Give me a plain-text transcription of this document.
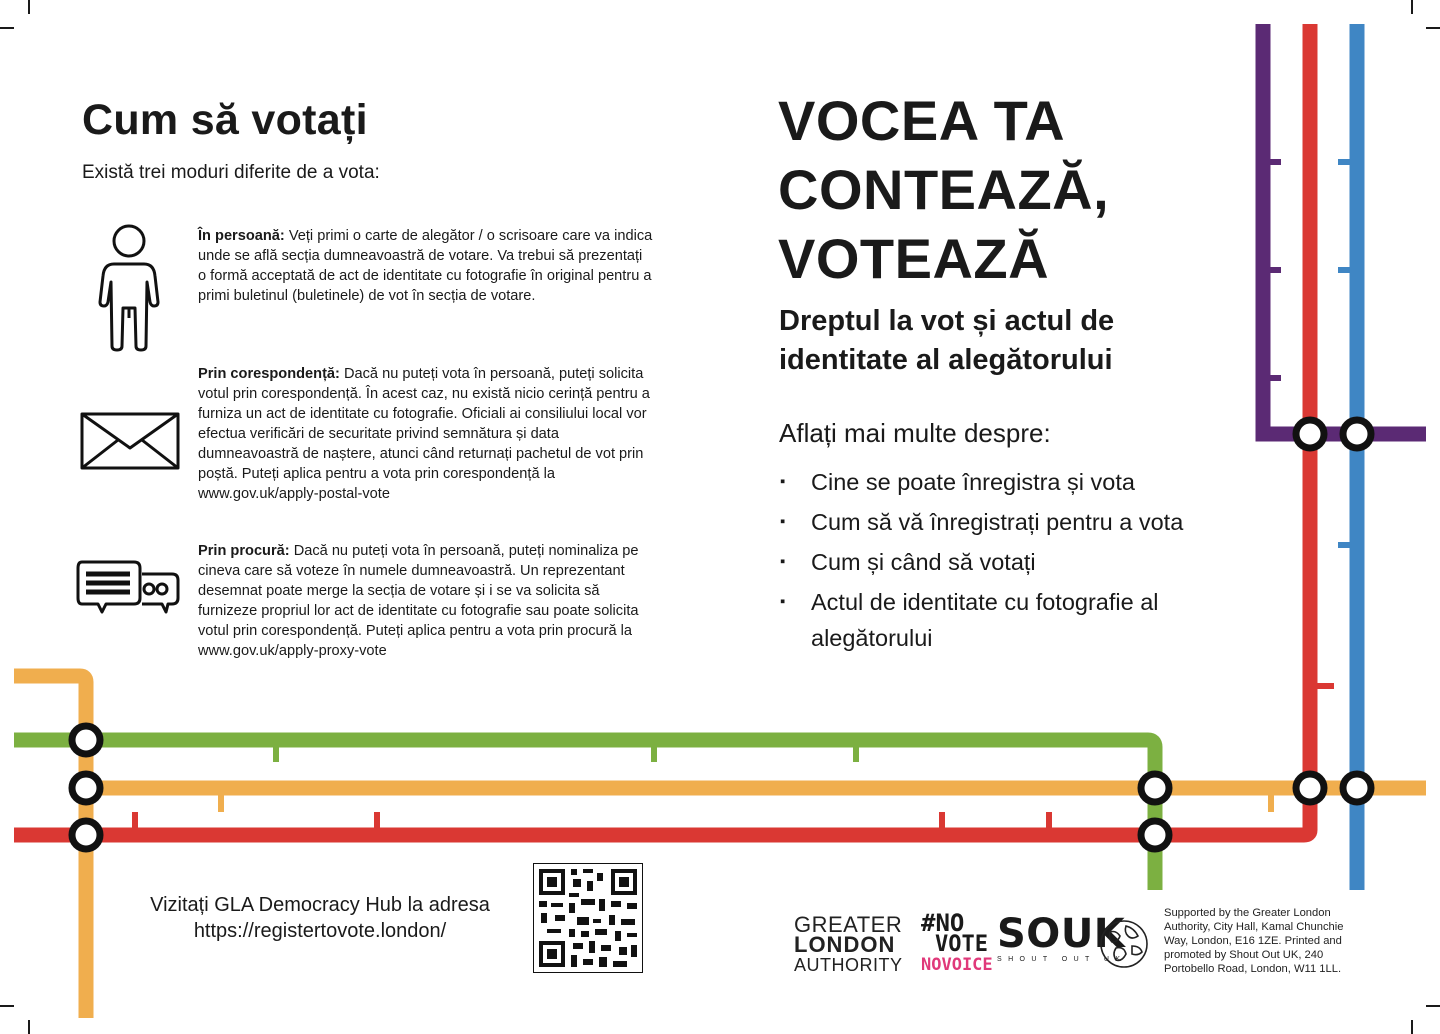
Cum să votați
Există trei moduri diferite de a vota:
În persoană: Veți primi o carte de alegător / o scrisoare care va indica unde se află secția dumneavoastră de votare. Va trebui să prezentați o formă acceptată de act de identitate cu fotografie în original pentru a primi buletinul (buletinele) de vot în secția de votare.
Prin corespondență: Dacă nu puteți vota în persoană, puteți solicita votul prin corespondență. În acest caz, nu există nicio cerință pentru a furniza un act de identitate cu fotografie. Oficiali ai consiliului local vor efectua verificări de securitate privind semnătura și data dumneavoastră de naștere, atunci când returnați pachetul de vot prin poștă. Puteți aplica pentru a vota prin corespondență la www.gov.uk/apply-postal-vote
Prin procură: Dacă nu puteți vota în persoană, puteți nominaliza pe cineva care să voteze în numele dumneavoastră. Un reprezentant desemnat poate merge la secția de votare și i se va solicita să furnizeze propriul lor act de identitate cu fotografie sau poate solicita votul prin corespondență. Puteți aplica pentru a vota prin procură la www.gov.uk/apply-proxy-vote
VOCEA TA
CONTEAZĂ,
VOTEAZĂ
Dreptul la vot și actul de identitate al alegătorului
Aflați mai multe despre:
▪ Cine se poate înregistra și vota
▪ Cum să vă înregistrați pentru a vota
▪ Cum și când să votați
▪ Actul de identitate cu fotografie al alegătorului
Vizitați GLA Democracy Hub la adresa https://registertovote.london/	GREATER
LONDON
AUTHORITY
#NO
VOTE
NOVOICE
SOUK
SHOUT OUT UK
Supported by the Greater London Authority, City Hall, Kamal Chunchie Way, London, E16 1ZE. Printed and promoted by Shout Out UK, 240 Portobello Road, London, W11 1LL.
